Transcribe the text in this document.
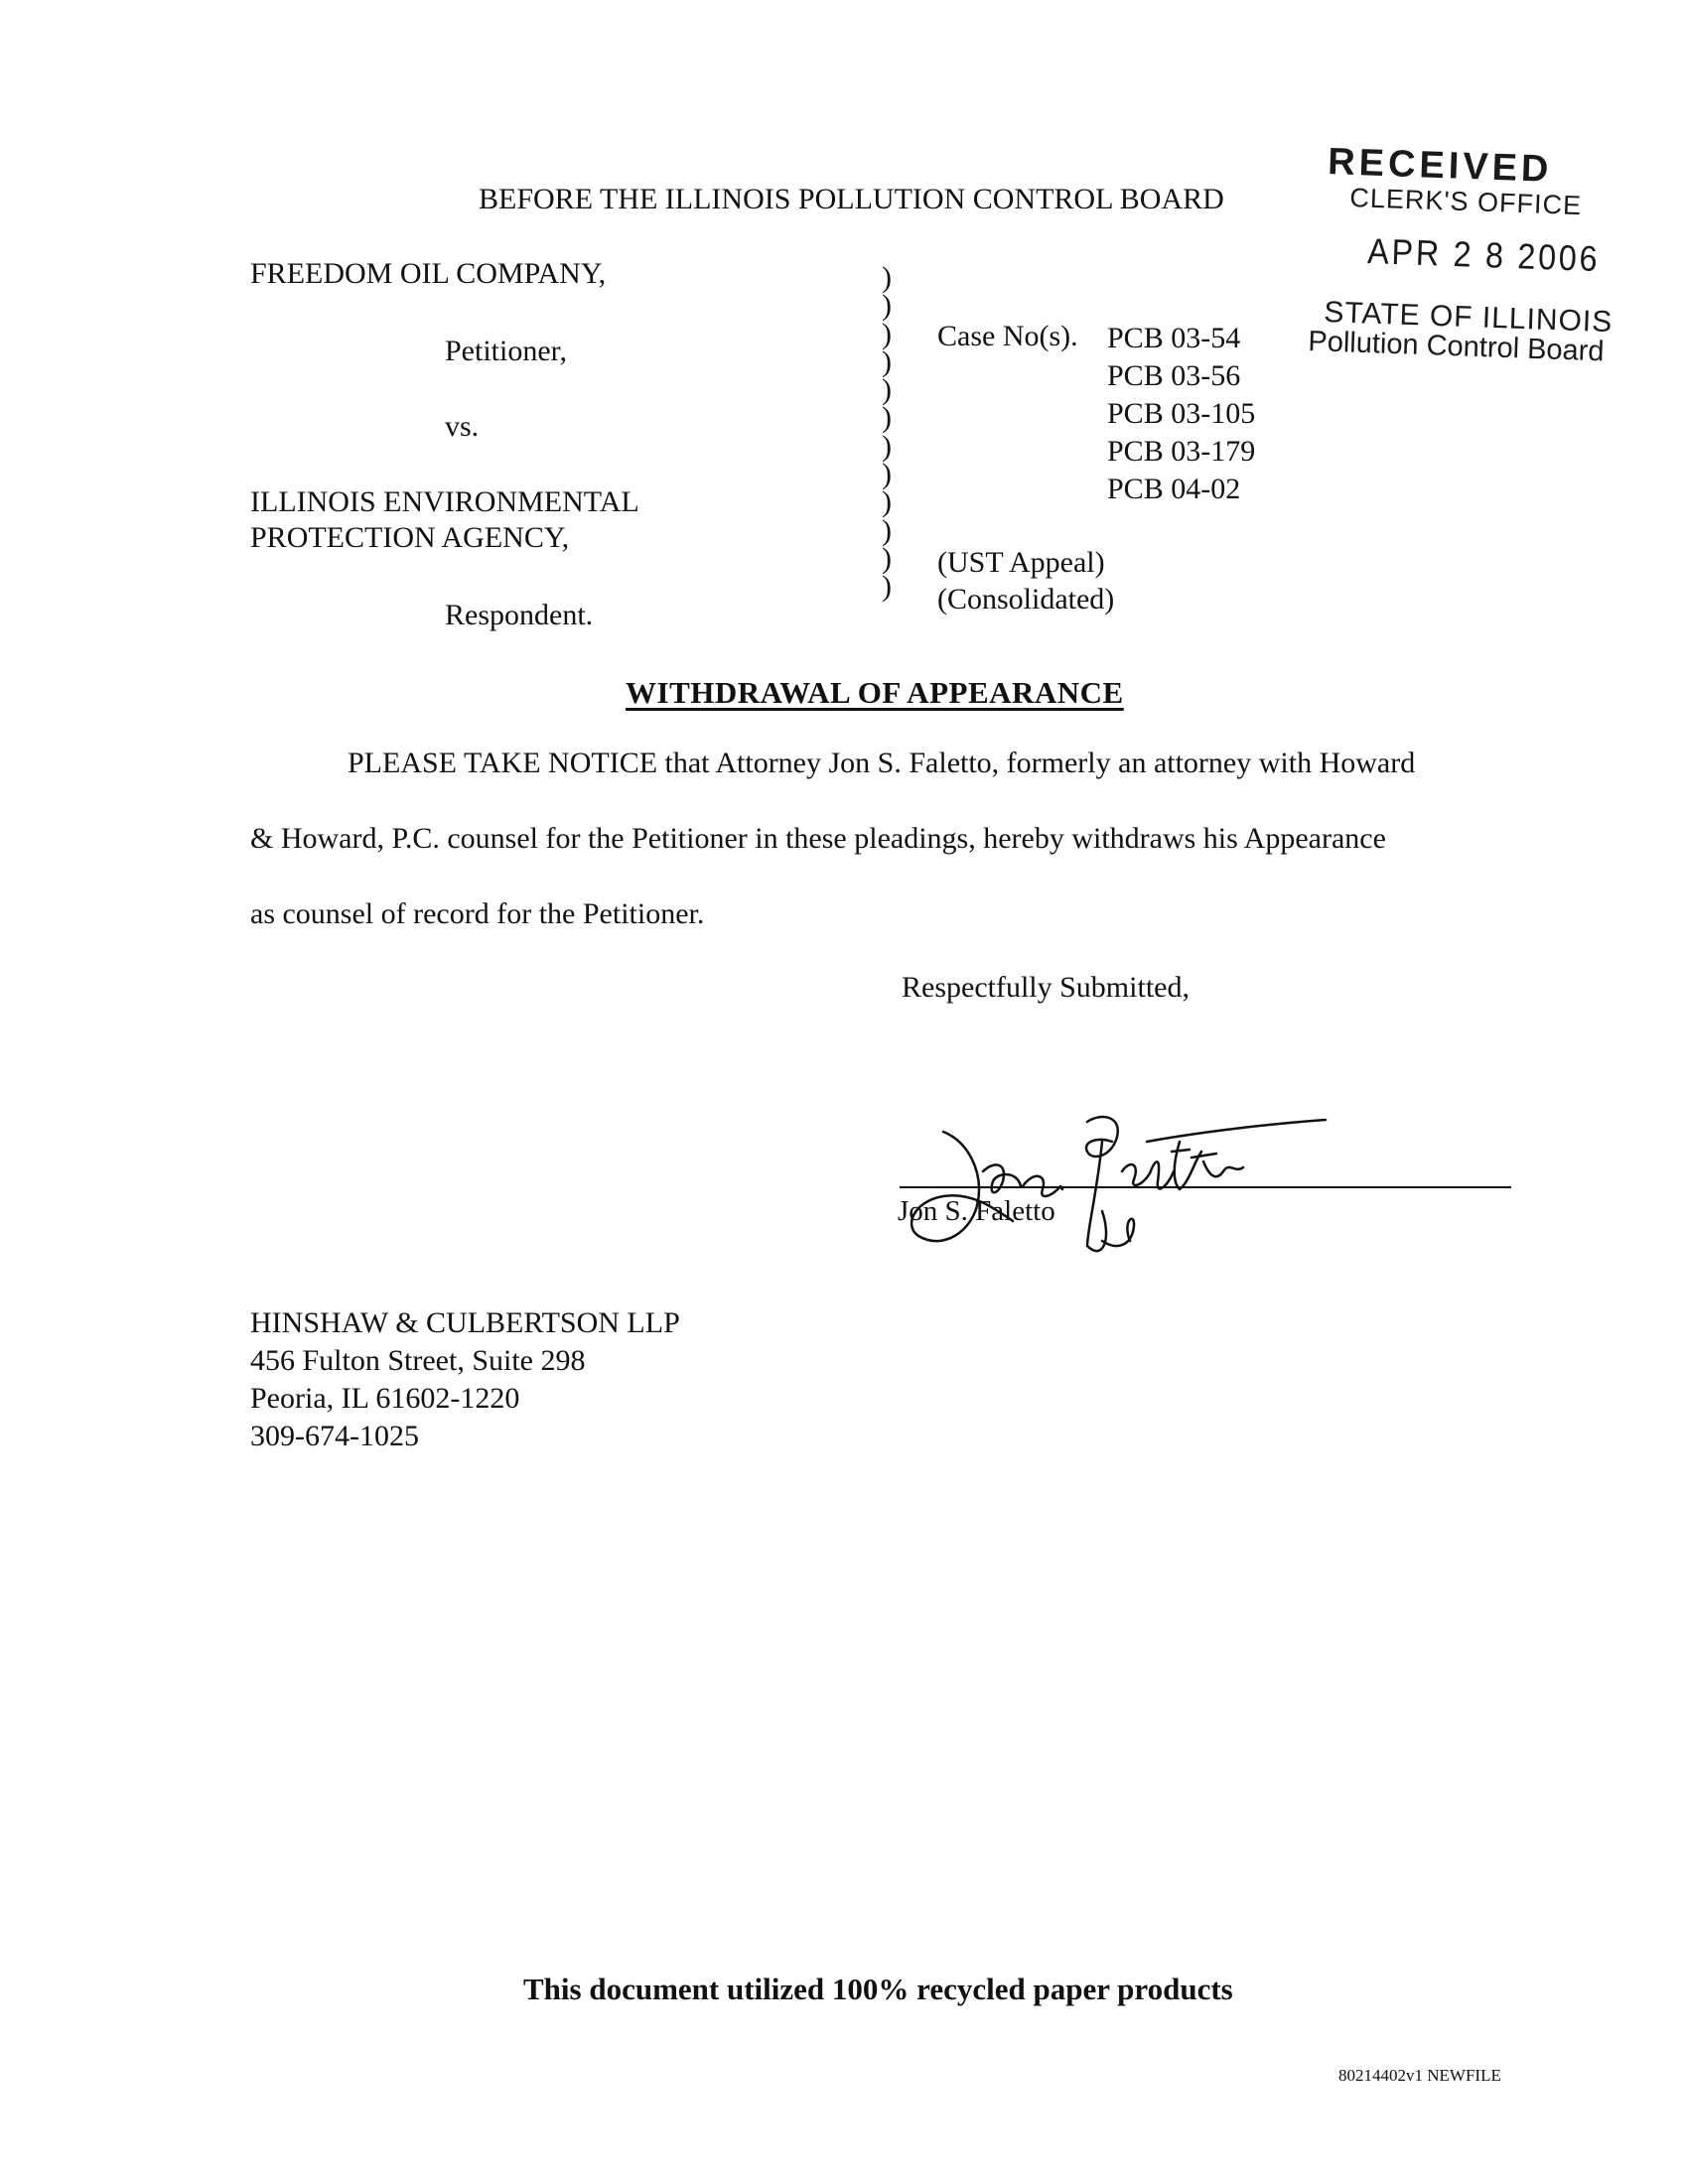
RECEIVED
CLERK'S OFFICE
APR 2 8 2006
STATE OF ILLINOIS
Pollution Control Board
BEFORE THE ILLINOIS POLLUTION CONTROL BOARD
FREEDOM OIL COMPANY,
Petitioner,
vs.
ILLINOIS ENVIRONMENTAL
PROTECTION AGENCY,
Respondent.
)
)
)
)
)
)
)
)
)
)
)
)
Case No(s). PCB 03-54
PCB 03-56
PCB 03-105
PCB 03-179
PCB 04-02
(UST Appeal)
(Consolidated)
WITHDRAWAL OF APPEARANCE
PLEASE TAKE NOTICE that Attorney Jon S. Faletto, formerly an attorney with Howard
& Howard, P.C. counsel for the Petitioner in these pleadings, hereby withdraws his Appearance
as counsel of record for the Petitioner.
Respectfully Submitted,
Jon S. Faletto
HINSHAW & CULBERTSON LLP
456 Fulton Street, Suite 298
Peoria, IL 61602-1220
309-674-1025
This document utilized 100% recycled paper products
80214402v1 NEWFILE
